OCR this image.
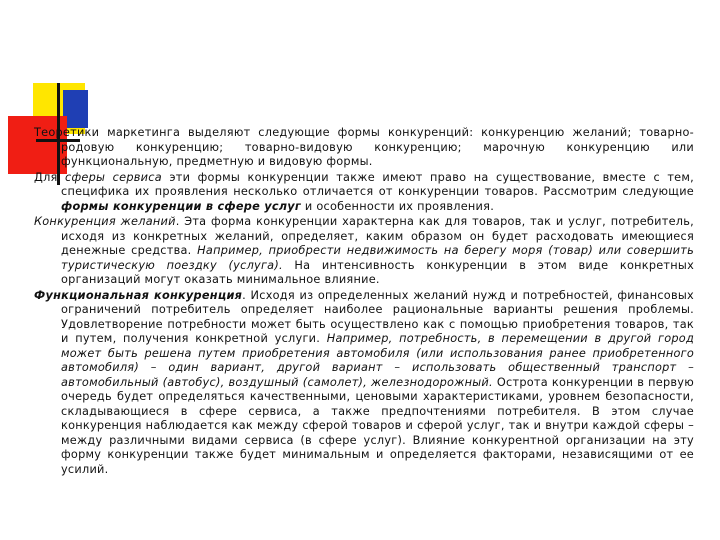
Теоретики маркетинга выделяют следующие формы конкуренций: конкуренцию желаний; товарно-родовую конкуренцию; товарно-видовую конкуренцию; марочную конкуренцию или функциональную, предметную и видовую формы.

Для сферы сервиса эти формы конкуренции также имеют право на существование, вместе с тем, специфика их проявления несколько отличается от конкуренции товаров. Рассмотрим следующие формы конкуренции в сфере услуг и особенности их проявления.

Конкуренция желаний. Эта форма конкуренции характерна как для товаров, так и услуг, потребитель, исходя из конкретных желаний, определяет, каким образом он будет расходовать имеющиеся денежные средства. Например, приобрести недвижимость на берегу моря (товар) или совершить туристическую поездку (услуга). На интенсивность конкуренции в этом виде конкретных организаций могут оказать минимальное влияние.

Функциональная конкуренция. Исходя из определенных желаний нужд и потребностей, финансовых ограничений потребитель определяет наиболее рациональные варианты решения проблемы. Удовлетворение потребности может быть осуществлено как с помощью приобретения товаров, так и путем, получения конкретной услуги. Например, потребность, в перемещении в другой город может быть решена путем приобретения автомобиля (или использования ранее приобретенного автомобиля) – один вариант, другой вариант – использовать общественный транспорт – автомобильный (автобус), воздушный (самолет), железнодорожный. Острота конкуренции в первую очередь будет определяться качественными, ценовыми характеристиками, уровнем безопасности, складывающиеся в сфере сервиса, а также предпочтениями потребителя. В этом случае конкуренция наблюдается как между сферой товаров и сферой услуг, так и внутри каждой сферы – между различными видами сервиса (в сфере услуг). Влияние конкурентной организации на эту форму конкуренции также будет минимальным и определяется факторами, независящими от ее усилий.
